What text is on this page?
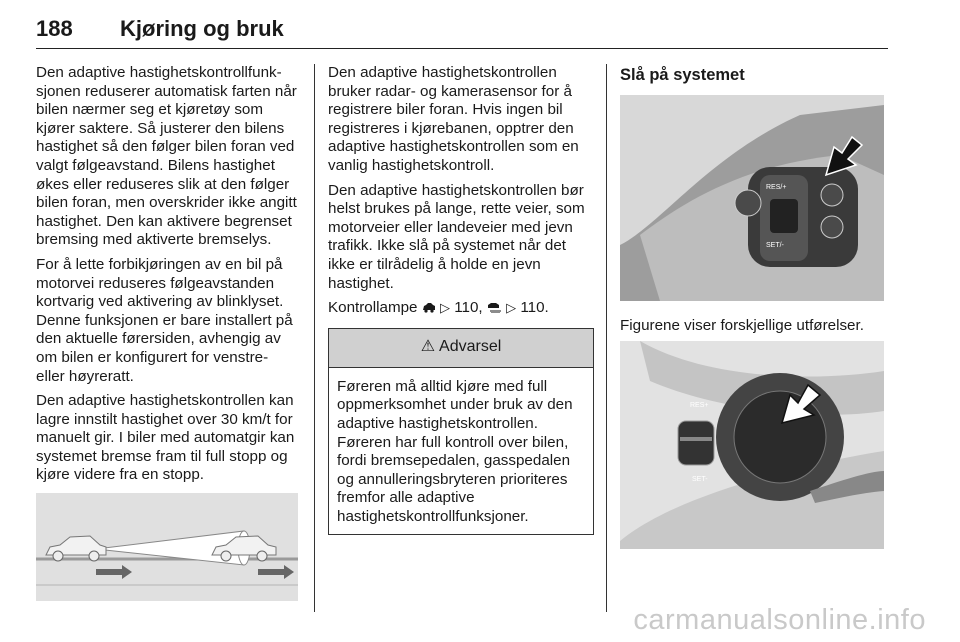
188 Kjøring og bruk

Den adaptive hastighetskontrollfunksjonen reduserer automatisk farten når bilen nærmer seg et kjøretøy som kjører saktere. Så justerer den bilens hastighet så den følger bilen foran ved valgt følgeavstand. Bilens hastighet økes eller reduseres slik at den følger bilen foran, men overskrider ikke angitt hastighet. Den kan aktivere begrenset bremsing med aktiverte bremselys.

For å lette forbikjøringen av en bil på motorvei reduseres følgeavstanden kortvarig ved aktivering av blinklyset. Denne funksjonen er bare installert på den aktuelle førersiden, avhengig av om bilen er konfigurert for venstre- eller høyreratt.

Den adaptive hastighetskontrollen kan lagre innstilt hastighet over 30 km/t for manuelt gir. I biler med automatgir kan systemet bremse fram til full stopp og kjøre videre fra en stopp.

Den adaptive hastighetskontrollen bruker radar- og kamerasensor for å registrere biler foran. Hvis ingen bil registreres i kjørebanen, opptrer den adaptive hastighetskontrollen som en vanlig hastighetskontroll.

Den adaptive hastighetskontrollen bør helst brukes på lange, rette veier, som motorveier eller landeveier med jevn trafikk. Ikke slå på systemet når det ikke er tilrådelig å holde en jevn hastighet.

Kontrollampe ▷ 110, ▷ 110.

⚠ Advarsel
Føreren må alltid kjøre med full oppmerksomhet under bruk av den adaptive hastighetskontrollen. Føreren har full kontroll over bilen, fordi bremsepedalen, gasspedalen og annulleringsbryteren prioriteres fremfor alle adaptive hastighetskontrollfunksjoner.
Slå på systemet
RES/+
SET/-

Figurene viser forskjellige utførelser.

RES+
SET-
carmanualsonline.info
